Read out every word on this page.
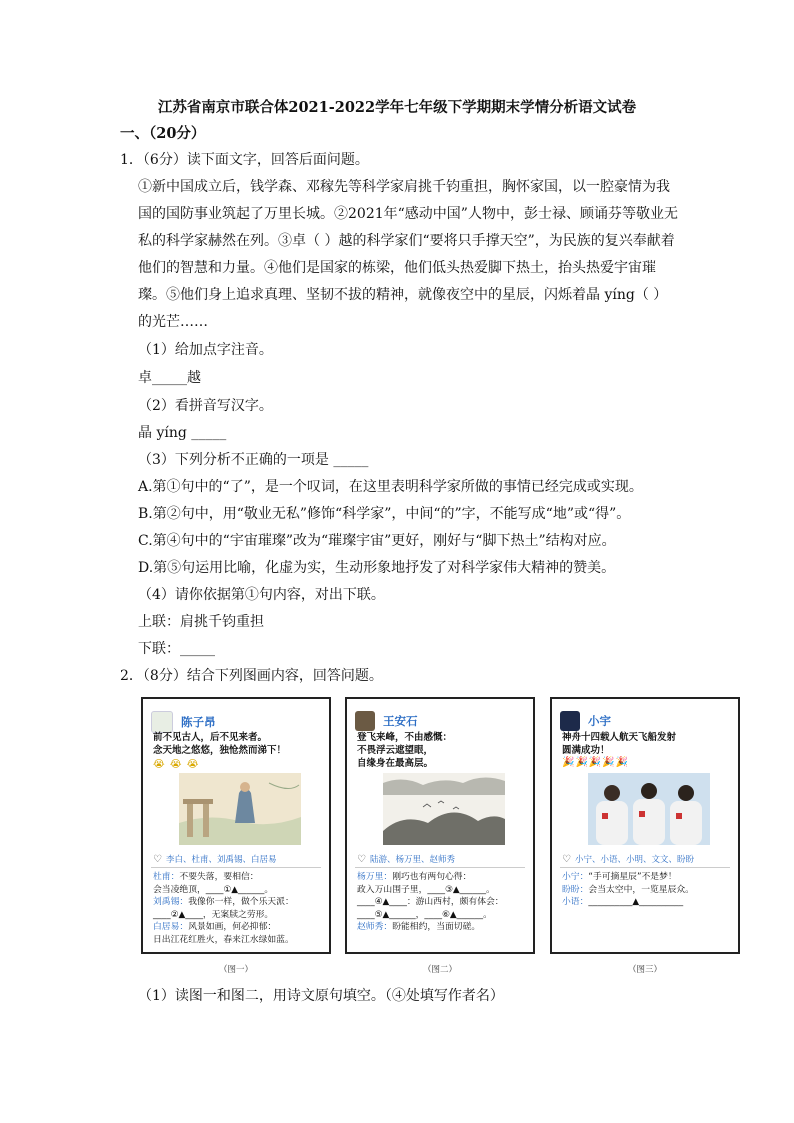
江苏省南京市联合体2021-2022学年七年级下学期期末学情分析语文试卷
一、（20分）
1．（6分）读下面文字，回答后面问题。
①新中国成立后，钱学森、邓稼先等科学家肩挑千钧重担，胸怀家国，以一腔豪情为我国的国防事业筑起了万里长城。②2021年“感动中国”人物中，彭士禄、顾诵芬等敬业无私的科学家赫然在列。③卓（ ）越的科学家们“要将只手撑天空”，为民族的复兴奉献着他们的智慧和力量。④他们是国家的栋梁，他们低头热爱脚下热土，抬头热爱宇宙璀璨。⑤他们身上追求真理、坚韧不拔的精神，就像夜空中的星辰，闪烁着晶 yíng（ ）的光芒……
（1）给加点字注音。
卓_____越
（2）看拼音写汉字。
晶 yíng _____
（3）下列分析不正确的一项是 _____
A.第①句中的“了”，是一个叹词，在这里表明科学家所做的事情已经完成或实现。
B.第②句中，用“敬业无私”修饰“科学家”，中间“的”字，不能写成“地”或“得”。
C.第④句中的“宇宙璀璨”改为“璀璨宇宙”更好，刚好与“脚下热土”结构对应。
D.第⑤句运用比喻，化虚为实，生动形象地抒发了对科学家伟大精神的赞美。
（4）请你依据第①句内容，对出下联。
上联：肩挑千钧重担
下联：_____
2．（8分）结合下列图画内容，回答问题。
陈子昂
前不见古人，后不见来者。
念天地之悠悠，独怆然而涕下！
😭 😭 😭
♡ 李白、杜甫、刘禹锡、白居易
杜甫：不要失落，要相信：
会当凌绝顶，____①▲______。
刘禹锡：我像你一样，做个乐天派：
____②▲____，无案牍之劳形。
白居易：风景如画，何必抑郁：
日出江花红胜火，春来江水绿如蓝。
王安石
登飞来峰，不由感慨：
不畏浮云遮望眼，
自缘身在最高层。
♡ 陆游、杨万里、赵师秀
杨万里：刚巧也有两句心得：
政入万山围子里，____③▲______。
____④▲____：游山西村，颇有体会：
____⑤▲______，____⑥▲______。
赵师秀：盼能相约，当面切磋。
小宇
神舟十四载人航天飞船发射
圆满成功！
🎉🎉🎉🎉🎉
♡ 小宁、小语、小明、文文、盼盼
小宁：“手可摘星辰”不是梦！
盼盼：会当太空中，一览星辰众。
小语：__________▲__________
（图一）	（图二）	（图三）
（1）读图一和图二，用诗文原句填空。（④处填写作者名）
